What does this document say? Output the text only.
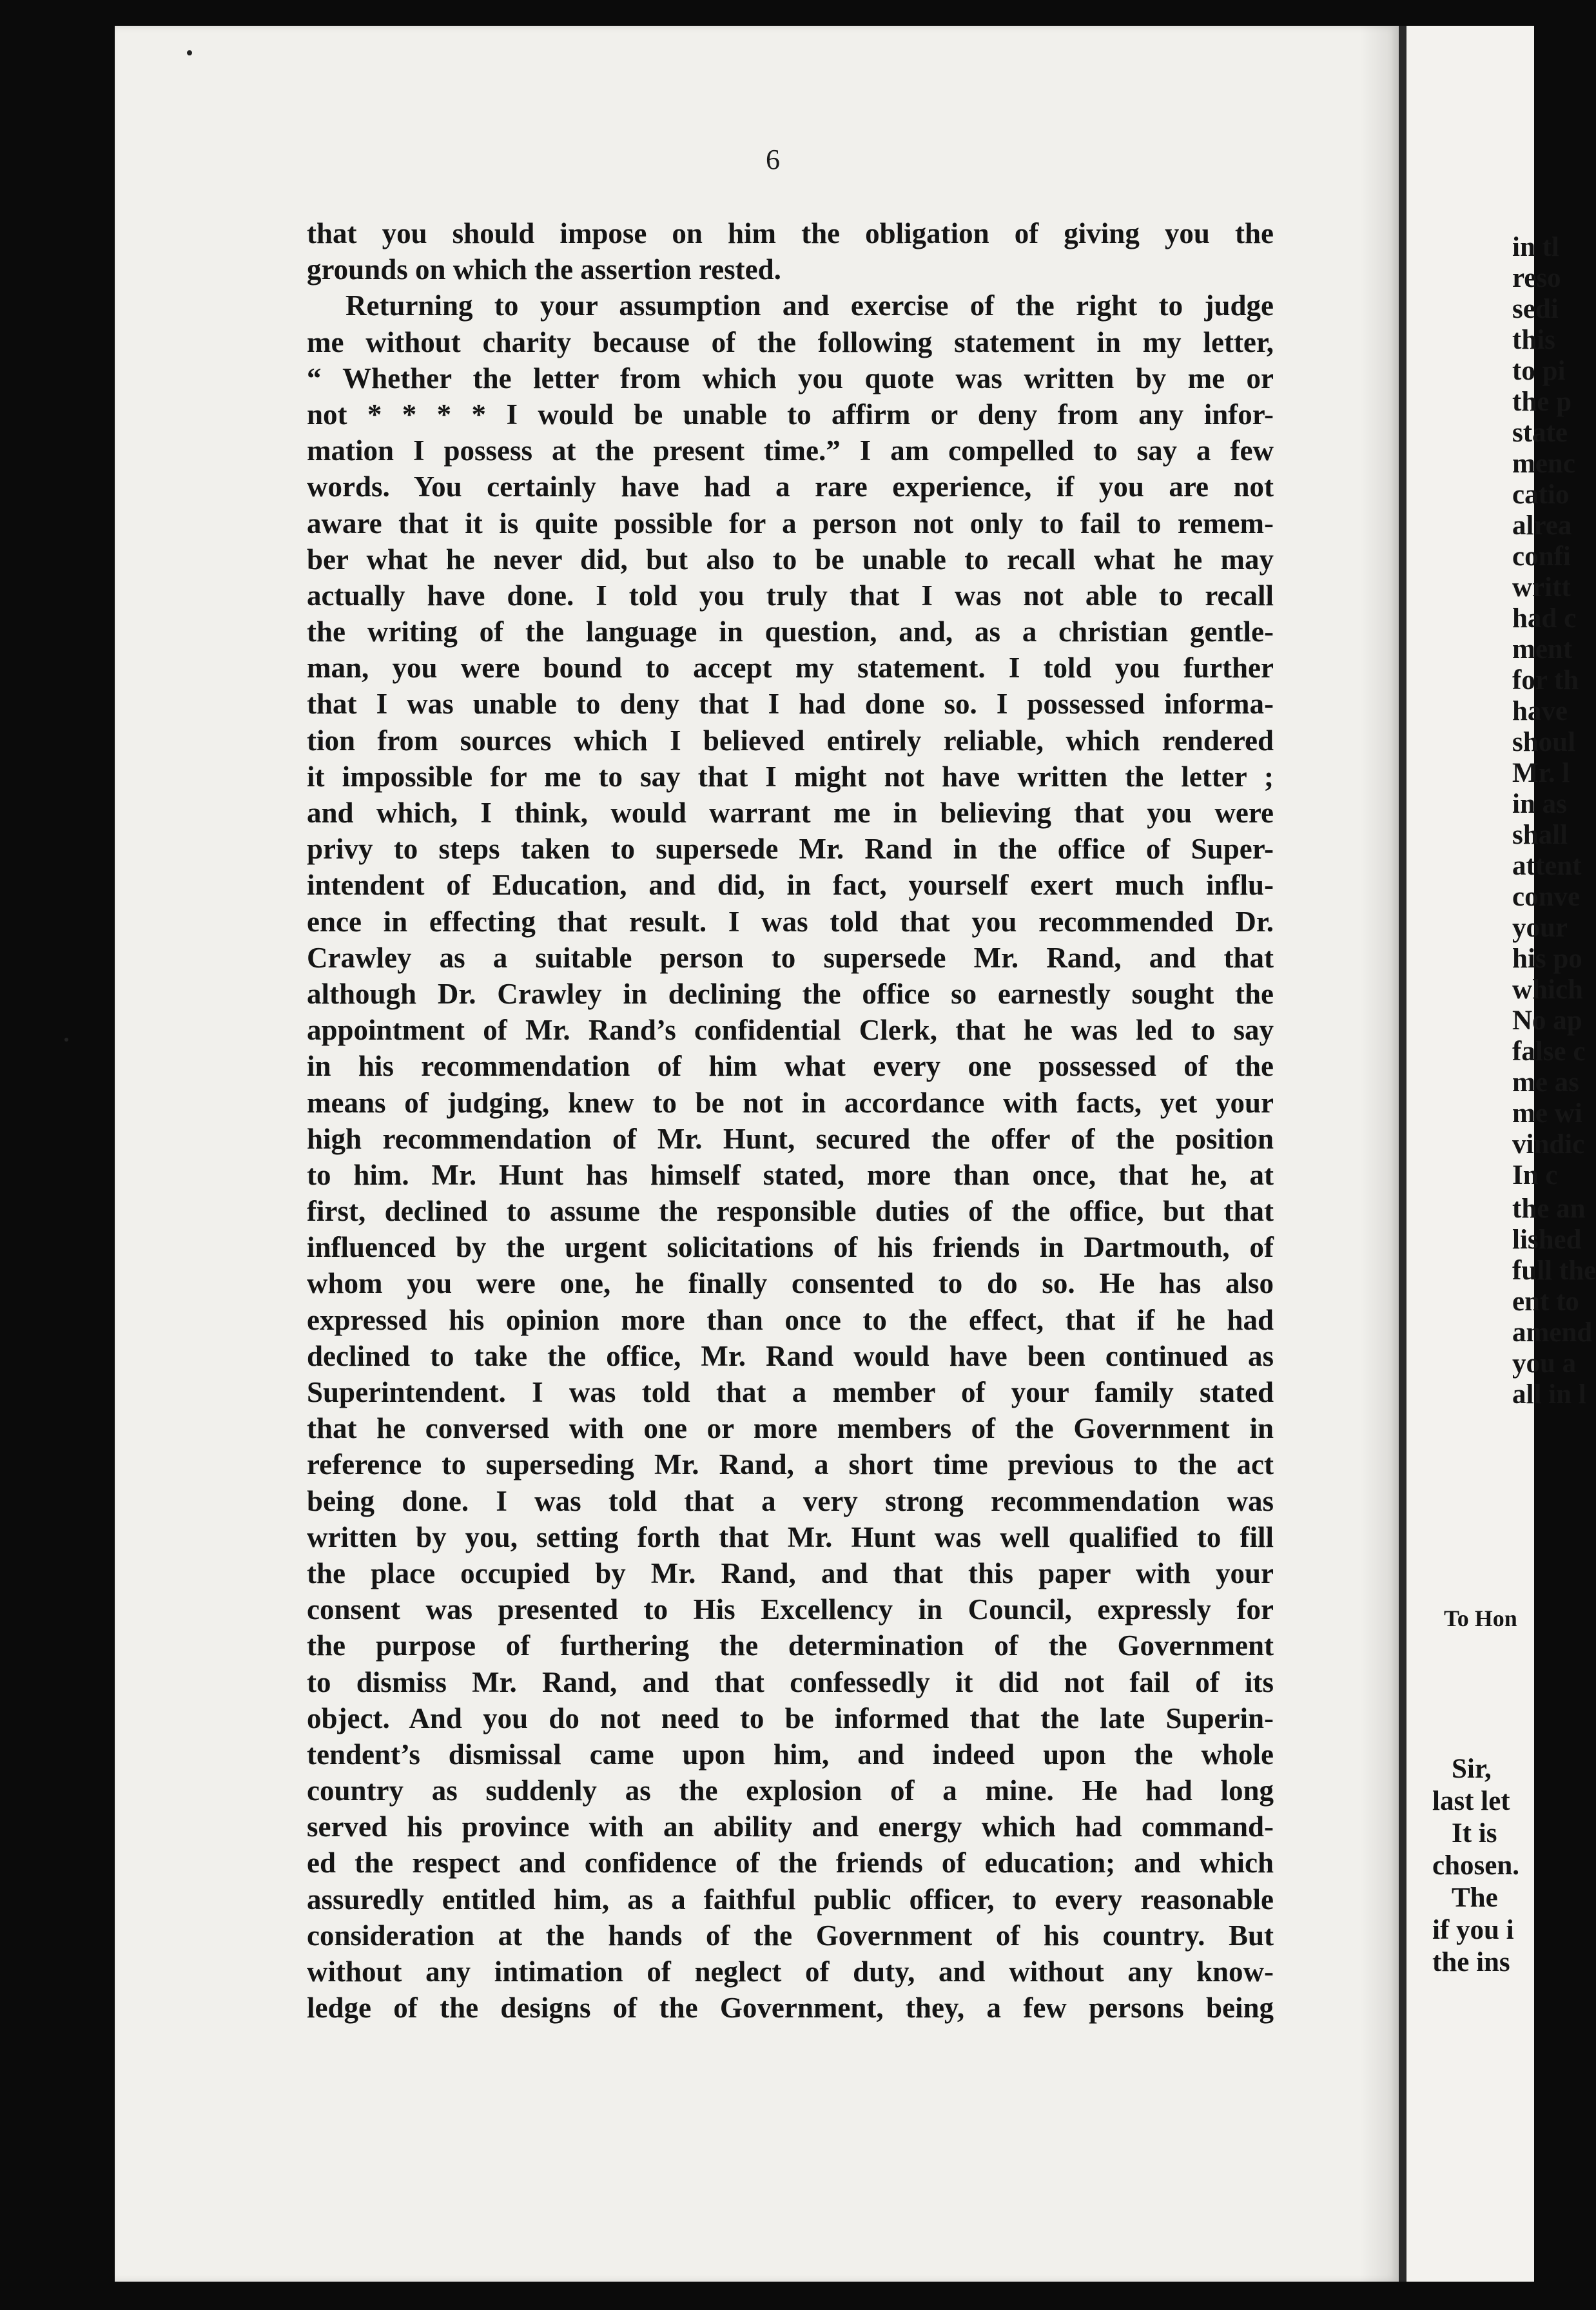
6
that you should impose on him the obligation of giving you the
grounds on which the assertion rested.
Returning to your assumption and exercise of the right to judge
me without charity because of the following statement in my letter,
“ Whether the letter from which you quote was written by me or
not * * * * I would be unable to affirm or deny from any infor-
mation I possess at the present time.” I am compelled to say a few
words. You certainly have had a rare experience, if you are not
aware that it is quite possible for a person not only to fail to remem-
ber what he never did, but also to be unable to recall what he may
actually have done. I told you truly that I was not able to recall
the writing of the language in question, and, as a christian gentle-
man, you were bound to accept my statement. I told you further
that I was unable to deny that I had done so. I possessed informa-
tion from sources which I believed entirely reliable, which rendered
it impossible for me to say that I might not have written the letter ;
and which, I think, would warrant me in believing that you were
privy to steps taken to supersede Mr. Rand in the office of Super-
intendent of Education, and did, in fact, yourself exert much influ-
ence in effecting that result. I was told that you recommended Dr.
Crawley as a suitable person to supersede Mr. Rand, and that
although Dr. Crawley in declining the office so earnestly sought the
appointment of Mr. Rand’s confidential Clerk, that he was led to say
in his recommendation of him what every one possessed of the
means of judging, knew to be not in accordance with facts, yet your
high recommendation of Mr. Hunt, secured the offer of the position
to him. Mr. Hunt has himself stated, more than once, that he, at
first, declined to assume the responsible duties of the office, but that
influenced by the urgent solicitations of his friends in Dartmouth, of
whom you were one, he finally consented to do so. He has also
expressed his opinion more than once to the effect, that if he had
declined to take the office, Mr. Rand would have been continued as
Superintendent. I was told that a member of your family stated
that he conversed with one or more members of the Government in
reference to superseding Mr. Rand, a short time previous to the act
being done. I was told that a very strong recommendation was
written by you, setting forth that Mr. Hunt was well qualified to fill
the place occupied by Mr. Rand, and that this paper with your
consent was presented to His Excellency in Council, expressly for
the purpose of furthering the determination of the Government
to dismiss Mr. Rand, and that confessedly it did not fail of its
object. And you do not need to be informed that the late Superin-
tendent’s dismissal came upon him, and indeed upon the whole
country as suddenly as the explosion of a mine. He had long
served his province with an ability and energy which had command-
ed the respect and confidence of the friends of education; and which
assuredly entitled him, as a faithful public officer, to every reasonable
consideration at the hands of the Government of his country. But
without any intimation of neglect of duty, and without any know-
ledge of the designs of the Government, they, a few persons being
in tl
reso
sedi
this
to pi
the p
state
menc
catio
alrea
confi
writt
had c
ment
for th
have
shoul
Mr. l
in as
shall
attent
conve
your
his po
which
No ap
false c
me as
me wi
vindic
In c
the an
lished
full the
ent to
amend
you a
all in l
To Hon
Sir,
last let
It is
chosen.
The
if you i
the ins
